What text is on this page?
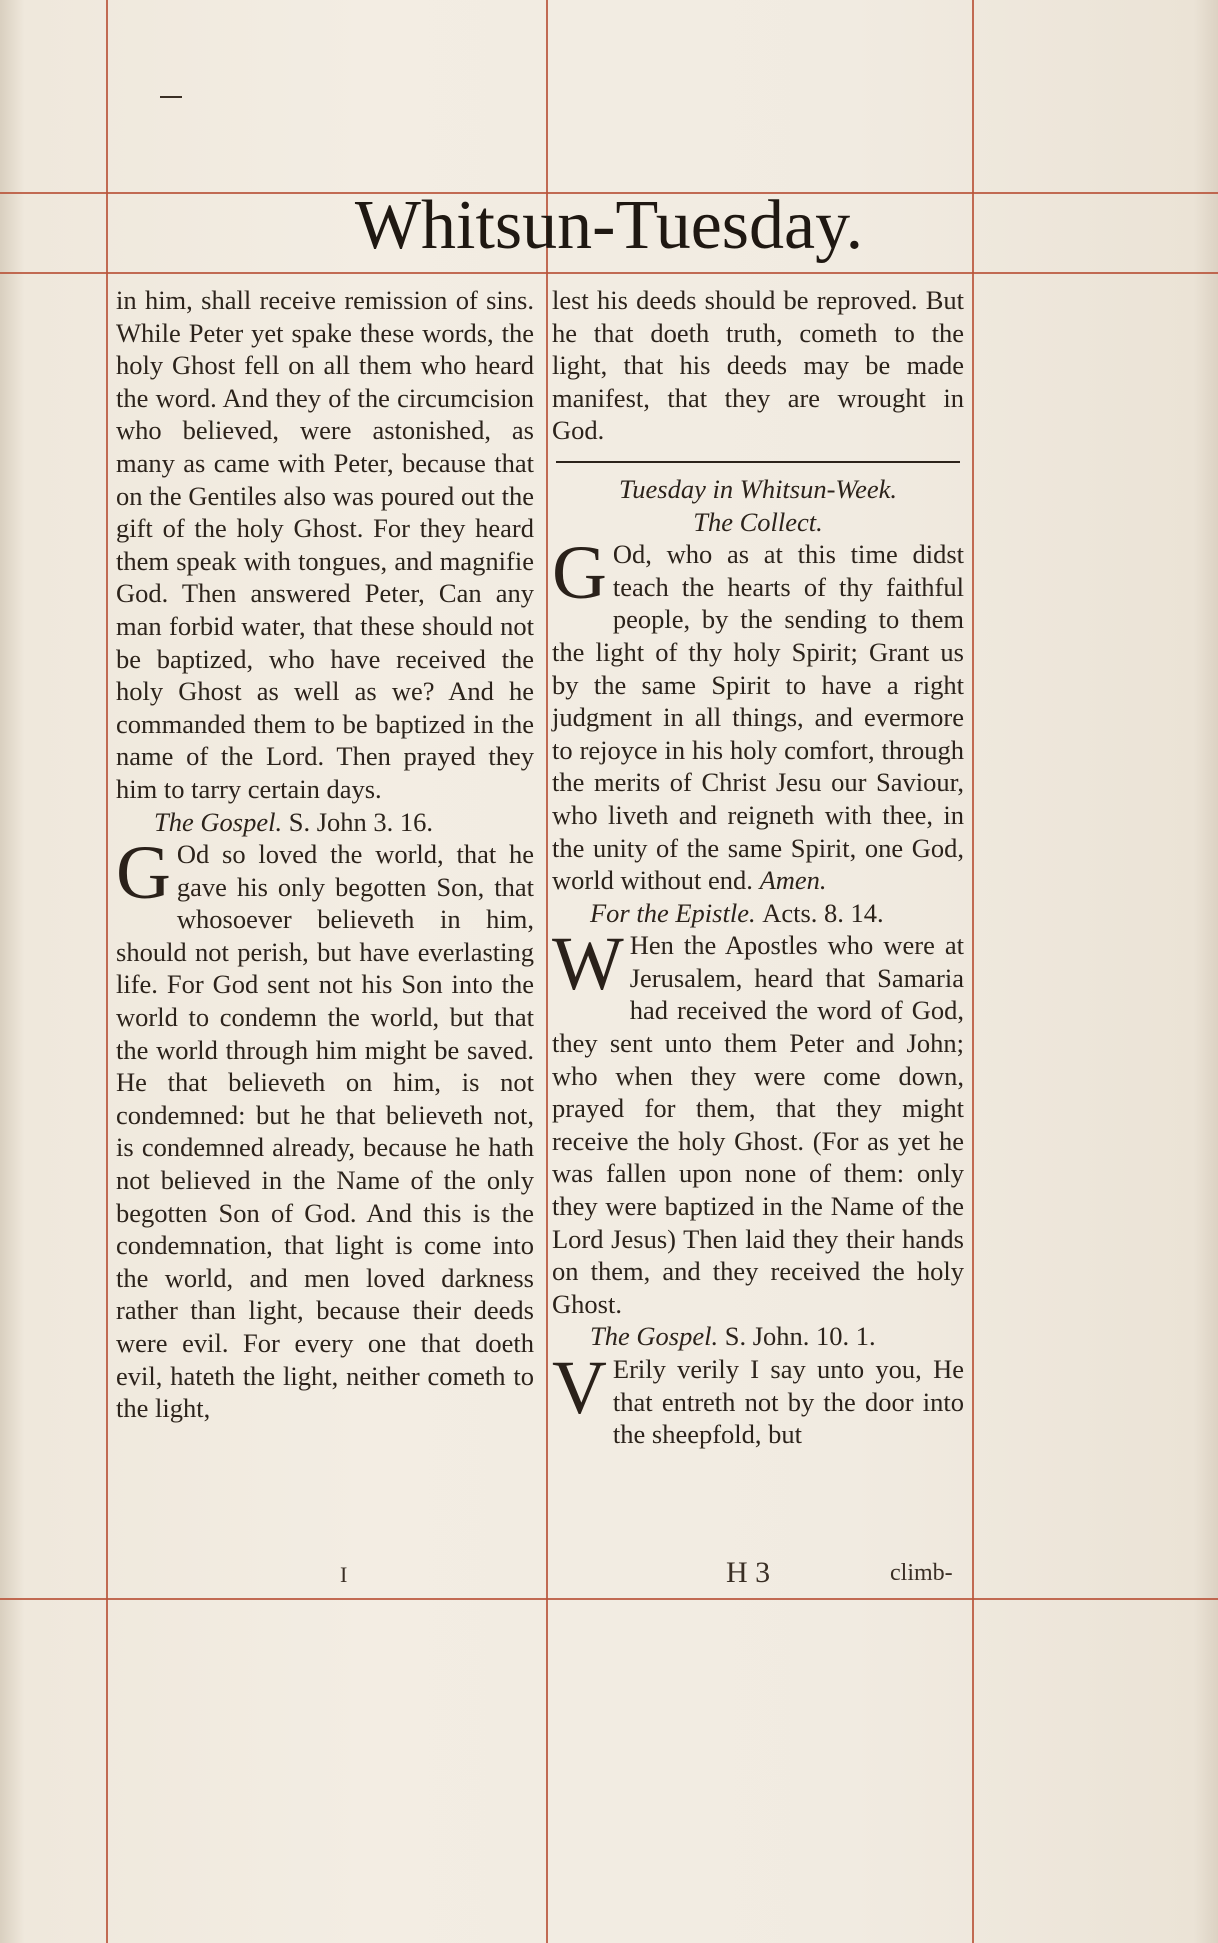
Whitsun-Tuesday.

in him, shall receive remission of sins. While Peter yet spake these words, the holy Ghost fell on all them who heard the word. And they of the circumcision who believed, were astonished, as many as came with Peter, because that on the Gentiles also was poured out the gift of the holy Ghost. For they heard them speak with tongues, and magnifie God. Then answered Peter, Can any man forbid water, that these should not be baptized, who have received the holy Ghost as well as we? And he commanded them to be baptized in the name of the Lord. Then prayed they him to tarry certain days.

The Gospel. S. John 3. 16.

G Od so loved the world, that he gave his only begotten Son, that whosoever believeth in him, should not perish, but have everlasting life. For God sent not his Son into the world to condemn the world, but that the world through him might be saved. He that believeth on him, is not condemned: but he that believeth not, is condemned already, because he hath not believed in the Name of the only begotten Son of God. And this is the condemnation, that light is come into the world, and men loved darkness rather than light, because their deeds were evil. For every one that doeth evil, hateth the light, neither cometh to the light,

lest his deeds should be reproved. But he that doeth truth, cometh to the light, that his deeds may be made manifest, that they are wrought in God.

Tuesday in Whitsun-Week.

The Collect.

G Od, who as at this time didst teach the hearts of thy faithful people, by the sending to them the light of thy holy Spirit; Grant us by the same Spirit to have a right judgment in all things, and evermore to rejoyce in his holy comfort, through the merits of Christ Jesu our Saviour, who liveth and reigneth with thee, in the unity of the same Spirit, one God, world without end. Amen.

For the Epistle. Acts. 8. 14.

W Hen the Apostles who were at Jerusalem, heard that Samaria had received the word of God, they sent unto them Peter and John; who when they were come down, prayed for them, that they might receive the holy Ghost. (For as yet he was fallen upon none of them: only they were baptized in the Name of the Lord Jesus) Then laid they their hands on them, and they received the holy Ghost.

The Gospel. S. John. 10. 1.

V Erily verily I say unto you, He that entreth not by the door into the sheepfold, but

I	H 3	climb-
